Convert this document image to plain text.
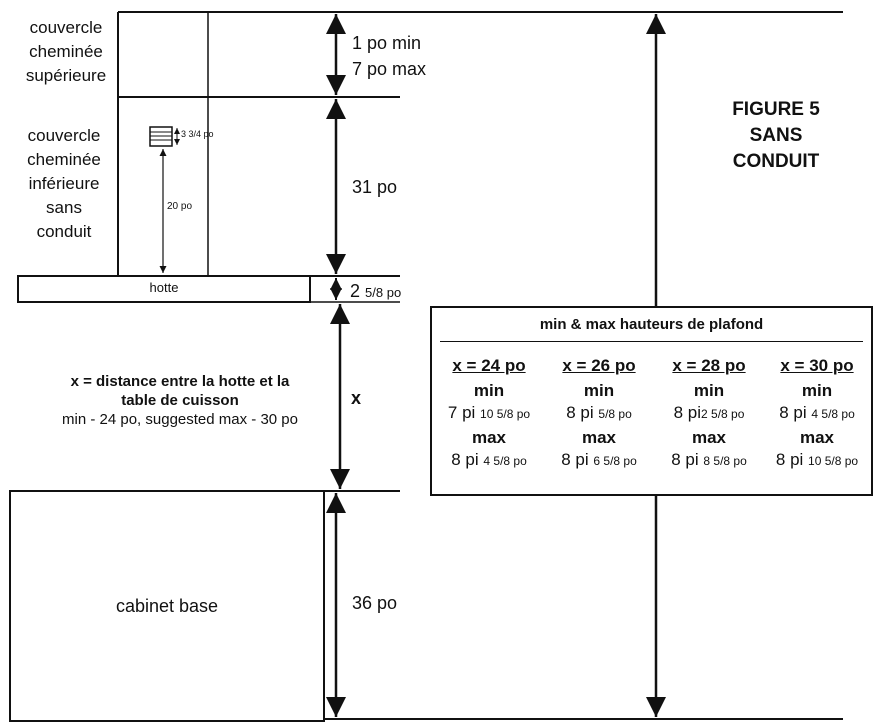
couvercle
cheminée
supérieure
couvercle
cheminée
inférieure
sans
conduit
3 3/4 po
20 po
hotte
cabinet base
1 po min
7 po max
31 po
2 5/8 po
x
36 po
x = distance entre la hotte et la
table de cuisson
min - 24 po, suggested max - 30 po
FIGURE 5
SANS
CONDUIT
min & max hauteurs de plafond
x = 24 po
min
7 pi 10 5/8 po
max
8 pi 4 5/8 po
x = 26 po
min
8 pi 5/8 po
max
8 pi 6 5/8 po
x = 28 po
min
8 pi2 5/8 po
max
8 pi 8 5/8 po
x = 30 po
min
8 pi 4 5/8 po
max
8 pi 10 5/8 po
